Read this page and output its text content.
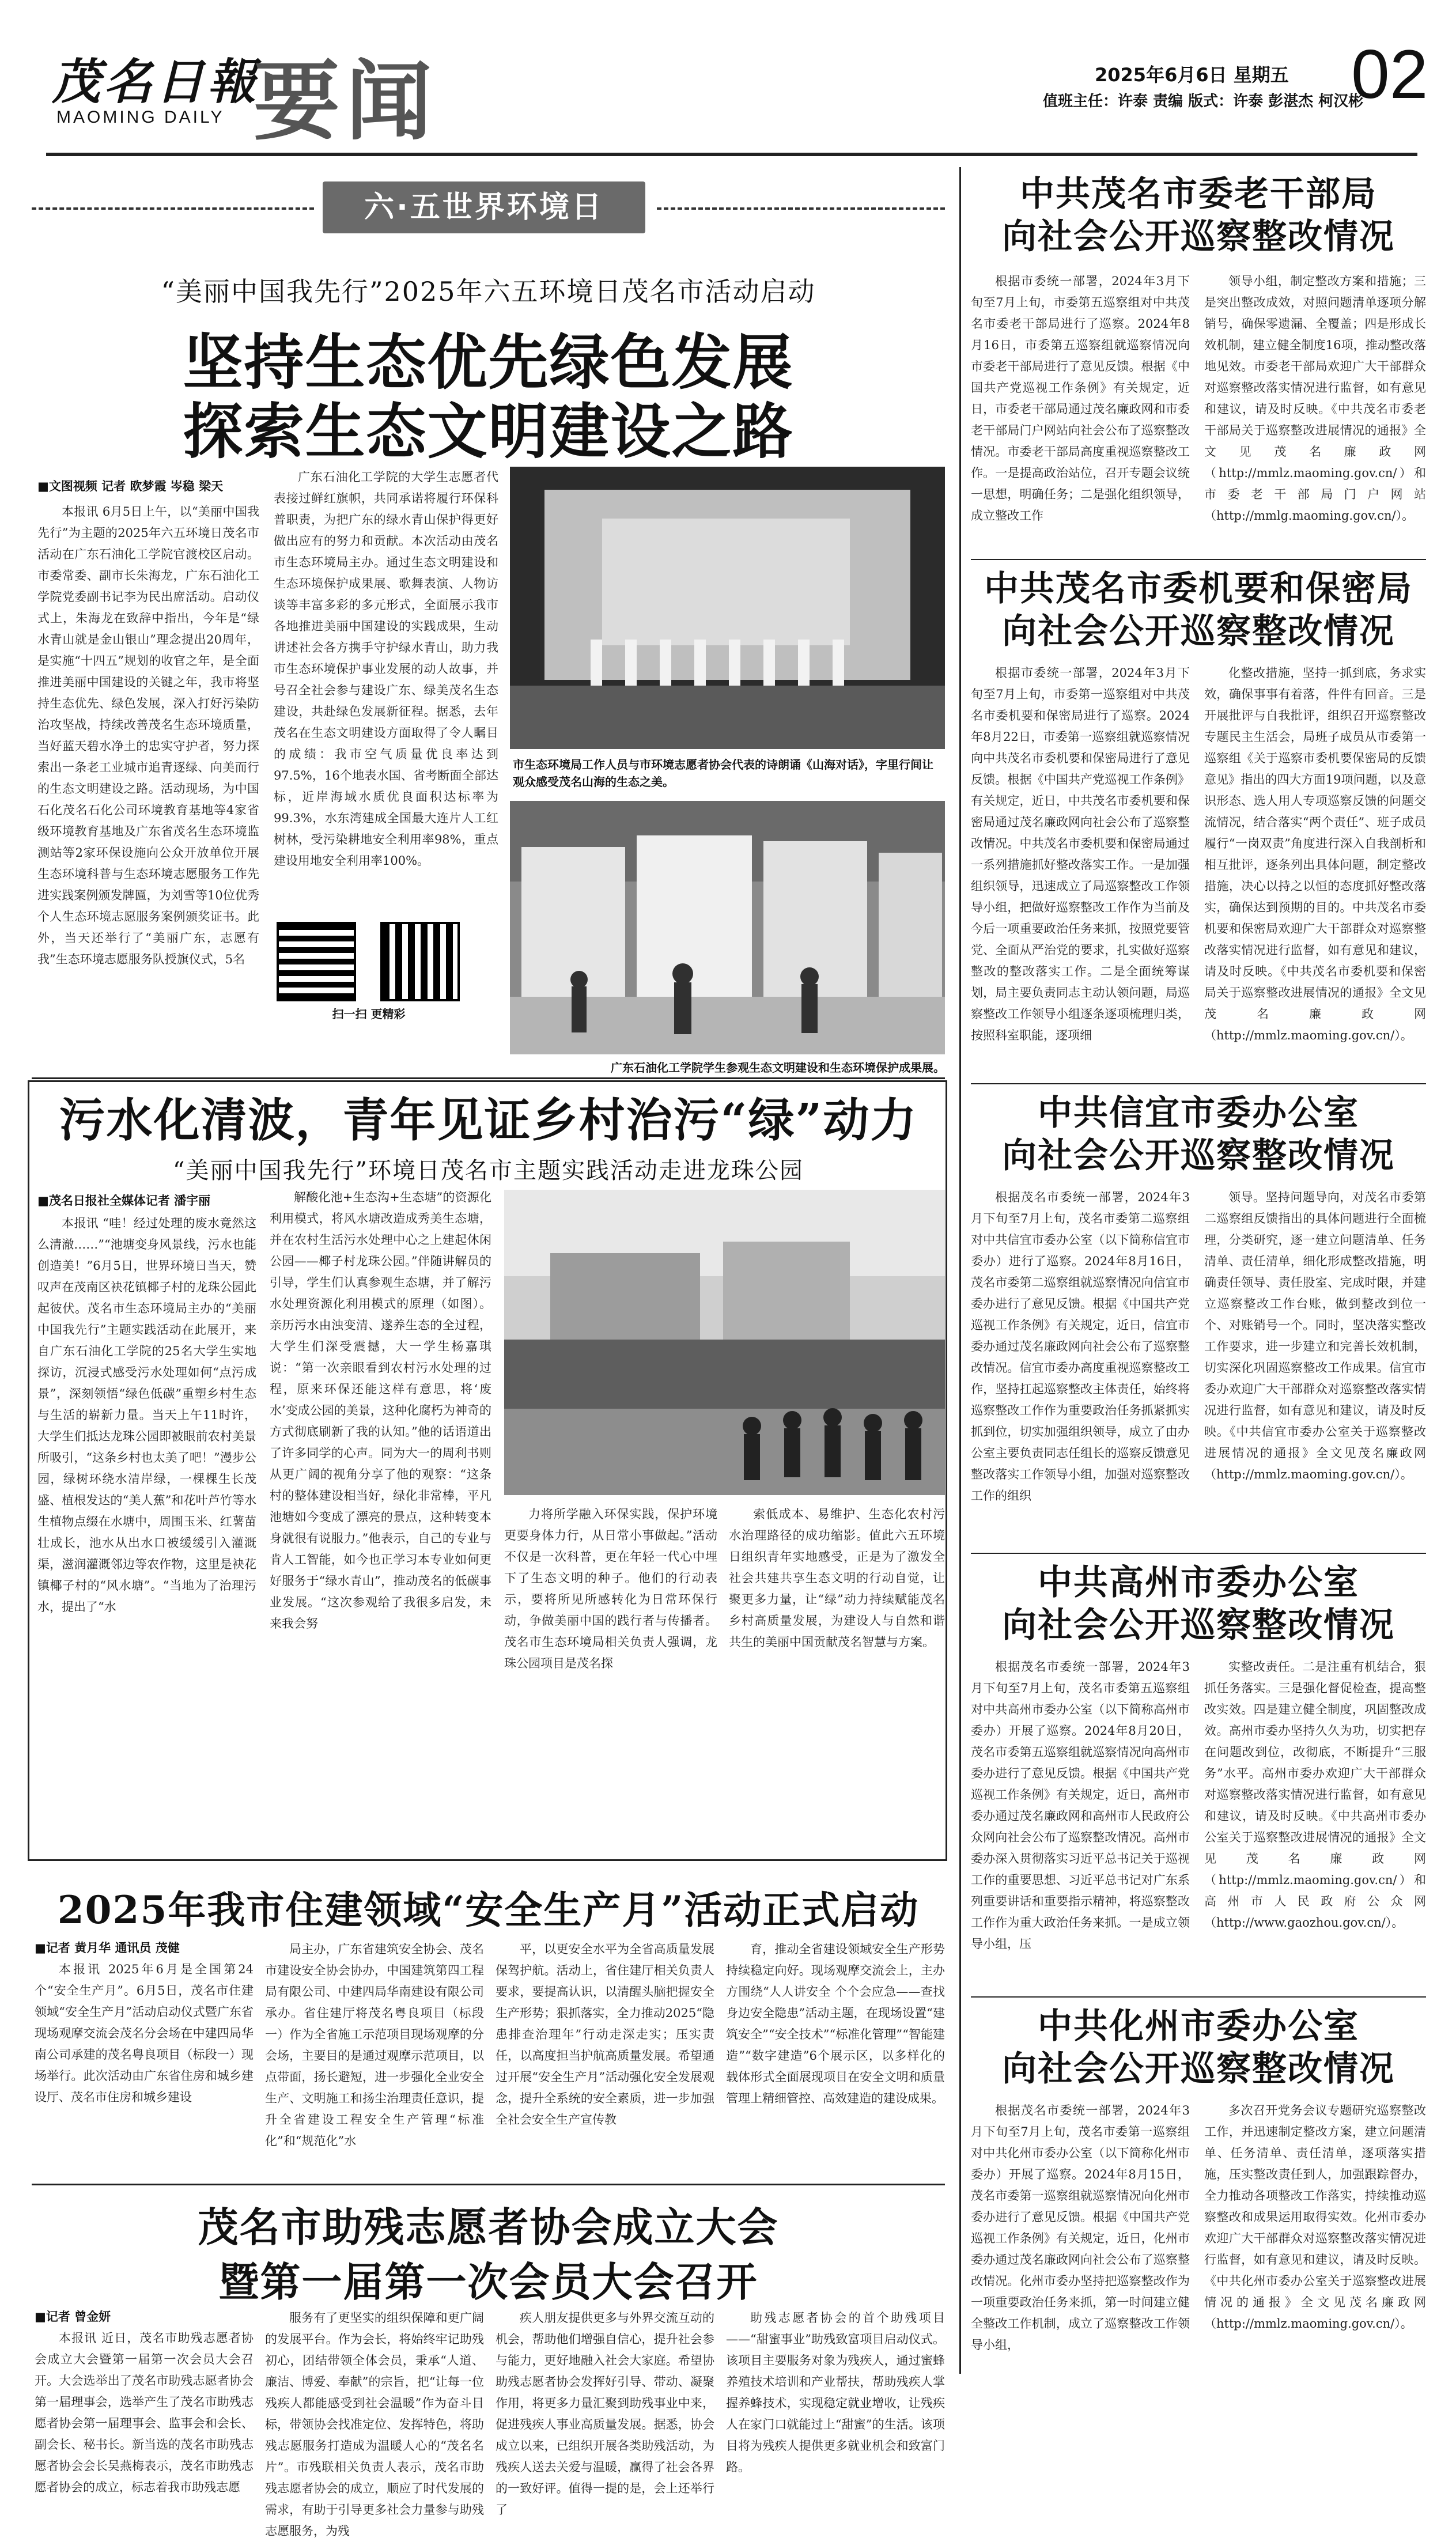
茂名日報
MAOMING DAILY 要闻	2025年6月6日 星期五
值班主任：许泰 责编 版式：许泰 彭湛杰 柯汉彬
02
六·五世界环境日
“美丽中国我先行”2025年六五环境日茂名市活动启动
坚持生态优先绿色发展
探索生态文明建设之路
■文图视频 记者 欧梦霞 岑稳 梁天

本报讯 6月5日上午，以“美丽中国我先行”为主题的2025年六五环境日茂名市活动在广东石油化工学院官渡校区启动。市委常委、副市长朱海龙，广东石油化工学院党委副书记李为民出席活动。启动仪式上，朱海龙在致辞中指出，今年是“绿水青山就是金山银山”理念提出20周年，是实施“十四五”规划的收官之年，是全面推进美丽中国建设的关键之年，我市将坚持生态优先、绿色发展，深入打好污染防治攻坚战，持续改善茂名生态环境质量，当好蓝天碧水净土的忠实守护者，努力探索出一条老工业城市追青逐绿、向美而行的生态文明建设之路。活动现场，为中国石化茂名石化公司环境教育基地等4家省级环境教育基地及广东省茂名生态环境监测站等2家环保设施向公众开放单位开展生态环境科普与生态环境志愿服务工作先进实践案例颁发牌匾，为刘雪等10位优秀个人生态环境志愿服务案例颁奖证书。此外，当天还举行了“美丽广东，志愿有我”生态环境志愿服务队授旗仪式，5名

广东石油化工学院的大学生志愿者代表接过鲜红旗帜，共同承诺将履行环保科普职责，为把广东的绿水青山保护得更好做出应有的努力和贡献。本次活动由茂名市生态环境局主办。通过生态文明建设和生态环境保护成果展、歌舞表演、人物访谈等丰富多彩的多元形式，全面展示我市各地推进美丽中国建设的实践成果，生动讲述社会各方携手守护绿水青山，助力我市生态环境保护事业发展的动人故事，并号召全社会参与建设广东、绿美茂名生态建设，共赴绿色发展新征程。据悉，去年茂名在生态文明建设方面取得了令人瞩目的成绩：我市空气质量优良率达到97.5%，16个地表水国、省考断面全部达标，近岸海域水质优良面积达标率为99.3%，水东湾建成全国最大连片人工红树林，受污染耕地安全利用率98%，重点建设用地安全利用率100%。

扫一扫 更精彩
市生态环境局工作人员与市环境志愿者协会代表的诗朗诵《山海对话》，字里行间让观众感受茂名山海的生态之美。
广东石油化工学院学生参观生态文明建设和生态环境保护成果展。
污水化清波，青年见证乡村治污“绿”动力
“美丽中国我先行”环境日茂名市主题实践活动走进龙珠公园
■茂名日报社全媒体记者 潘宇丽

本报讯 “哇！经过处理的废水竟然这么清澈……”“池塘变身风景线，污水也能创造美！”6月5日，世界环境日当天，赞叹声在茂南区袂花镇椰子村的龙珠公园此起彼伏。茂名市生态环境局主办的“美丽中国我先行”主题实践活动在此展开，来自广东石油化工学院的25名大学生实地探访，沉浸式感受污水处理如何“点污成景”，深刻领悟“绿色低碳”重塑乡村生态与生活的崭新力量。当天上午11时许，大学生们抵达龙珠公园即被眼前农村美景所吸引，“这条乡村也太美了吧！”漫步公园，绿树环绕水清岸绿，一棵棵生长茂盛、植根发达的“美人蕉”和花叶芦竹等水生植物点缀在水塘中，周围玉米、红薯苗壮成长，池水从出水口被缓缓引入灌溉渠，滋润灌溉邻边等农作物，这里是袂花镇椰子村的“风水塘”。“当地为了治理污水，提出了“水

解酸化池+生态沟+生态塘”的资源化利用模式，将风水塘改造成秀美生态塘，并在农村生活污水处理中心之上建起休闲公园——椰子村龙珠公园。”伴随讲解员的引导，学生们认真参观生态塘，并了解污水处理资源化利用模式的原理（如图）。亲历污水由浊变清、遂养生态的全过程，大学生们深受震撼，大一学生杨嘉琪说：“第一次亲眼看到农村污水处理的过程，原来环保还能这样有意思，将‘废水’变成公园的美景，这种化腐朽为神奇的方式彻底刷新了我的认知。”他的话语道出了许多同学的心声。同为大一的周利书则从更广阔的视角分享了他的观察：“这条村的整体建设相当好，绿化非常棒，平凡池塘如今变成了漂亮的景点，这种转变本身就很有说服力。”他表示，自己的专业与肯人工智能，如今也正学习本专业如何更好服务于“绿水青山”，推动茂名的低碳事业发展。“这次参观给了我很多启发，未来我会努

力将所学融入环保实践，保护环境更要身体力行，从日常小事做起。”活动不仅是一次科普，更在年轻一代心中埋下了生态文明的种子。他们的行动表示，要将所见所感转化为日常环保行动，争做美丽中国的践行者与传播者。茂名市生态环境局相关负责人强调，龙珠公园项目是茂名探

索低成本、易维护、生态化农村污水治理路径的成功缩影。值此六五环境日组织青年实地感受，正是为了激发全社会共建共享生态文明的行动自觉，让聚更多力量，让“绿”动力持续赋能茂名乡村高质量发展，为建设人与自然和谐共生的美丽中国贡献茂名智慧与方案。

2025年我市住建领域“安全生产月”活动正式启动
■记者 黄月华 通讯员 茂健

本报讯 2025年6月是全国第24个“安全生产月”。6月5日，茂名市住建领域“安全生产月”活动启动仪式暨广东省现场观摩交流会茂名分会场在中建四局华南公司承建的茂名粤良项目（标段一）现场举行。此次活动由广东省住房和城乡建设厅、茂名市住房和城乡建设

局主办，广东省建筑安全协会、茂名市建设安全协会协办，中国建筑第四工程局有限公司、中建四局华南建设有限公司承办。省住建厅将茂名粤良项目（标段一）作为全省施工示范项目现场观摩的分会场，主要目的是通过观摩示范项目，以点带面，扬长避短，进一步强化全业安全生产、文明施工和扬尘治理责任意识，提升全省建设工程安全生产管理“标准化”和“规范化”水

平，以更安全水平为全省高质量发展保驾护航。活动上，省住建厅相关负责人要求，要提高认识，以清醒头脑把握安全生产形势；狠抓落实，全力推动2025“隐患排查治理年”行动走深走实；压实责任，以高度担当护航高质量发展。希望通过开展“安全生产月”活动强化安全发展观念，提升全系统的安全素质，进一步加强全社会安全生产宣传教

育，推动全省建设领域安全生产形势持续稳定向好。现场观摩交流会上，主办方围绕“人人讲安全 个个会应急——查找身边安全隐患”活动主题，在现场设置“建筑安全”“安全技术”“标准化管理”“智能建造”“数字建造”6个展示区，以多样化的载体形式全面展现项目在安全文明和质量管理上精细管控、高效建造的建设成果。

茂名市助残志愿者协会成立大会
暨第一届第一次会员大会召开
■记者 曾金妍

本报讯 近日，茂名市助残志愿者协会成立大会暨第一届第一次会员大会召开。大会选举出了茂名市助残志愿者协会第一届理事会，选举产生了茂名市助残志愿者协会第一届理事会、监事会和会长、副会长、秘书长。新当选的茂名市助残志愿者协会会长吴燕梅表示，茂名市助残志愿者协会的成立，标志着我市助残志愿

服务有了更坚实的组织保障和更广阔的发展平台。作为会长，将始终牢记助残初心，团结带领全体会员，秉承“人道、廉洁、博爱、奉献”的宗旨，把“让每一位残疾人都能感受到社会温暖”作为奋斗目标，带领协会找准定位、发挥特色，将助残志愿服务打造成为温暖人心的“茂名名片”。市残联相关负责人表示，茂名市助残志愿者协会的成立，顺应了时代发展的需求，有助于引导更多社会力量参与助残志愿服务，为残

疾人朋友提供更多与外界交流互动的机会，帮助他们增强自信心，提升社会参与能力，更好地融入社会大家庭。希望协助残志愿者协会发挥好引导、带动、凝聚作用，将更多力量汇聚到助残事业中来，促进残疾人事业高质量发展。据悉，协会成立以来，已组织开展各类助残活动，为残疾人送去关爱与温暖，赢得了社会各界的一致好评。值得一提的是，会上还举行了

助残志愿者协会的首个助残项目——“甜蜜事业”助残致富项目启动仪式。该项目主要服务对象为残疾人，通过蜜蜂养殖技术培训和产业帮扶，帮助残疾人掌握养蜂技术，实现稳定就业增收，让残疾人在家门口就能过上“甜蜜”的生活。该项目将为残疾人提供更多就业机会和致富门路。

中共茂名市委老干部局
向社会公开巡察整改情况

根据市委统一部署，2024年3月下旬至7月上旬，市委第五巡察组对中共茂名市委老干部局进行了巡察。2024年8月16日，市委第五巡察组就巡察情况向市委老干部局进行了意见反馈。根据《中国共产党巡视工作条例》有关规定，近日，市委老干部局通过茂名廉政网和市委老干部局门户网站向社会公布了巡察整改情况。市委老干部局高度重视巡察整改工作。一是提高政治站位，召开专题会议统一思想，明确任务；二是强化组织领导，成立整改工作

领导小组，制定整改方案和措施；三是突出整改成效，对照问题清单逐项分解销号，确保零遗漏、全覆盖；四是形成长效机制，建立健全制度16项，推动整改落地见效。市委老干部局欢迎广大干部群众对巡察整改落实情况进行监督，如有意见和建议，请及时反映。《中共茂名市委老干部局关于巡察整改进展情况的通报》全文见茂名廉政网（http://mmlz.maoming.gov.cn/）和市委老干部局门户网站（http://mmlg.maoming.gov.cn/）。

中共茂名市委机要和保密局
向社会公开巡察整改情况

根据市委统一部署，2024年3月下旬至7月上旬，市委第一巡察组对中共茂名市委机要和保密局进行了巡察。2024年8月22日，市委第一巡察组就巡察情况向中共茂名市委机要和保密局进行了意见反馈。根据《中国共产党巡视工作条例》有关规定，近日，中共茂名市委机要和保密局通过茂名廉政网向社会公布了巡察整改情况。中共茂名市委机要和保密局通过一系列措施抓好整改落实工作。一是加强组织领导，迅速成立了局巡察整改工作领导小组，把做好巡察整改工作作为当前及今后一项重要政治任务来抓，按照党要管党、全面从严治党的要求，扎实做好巡察整改的整改落实工作。二是全面统筹谋划，局主要负责同志主动认领问题，局巡察整改工作领导小组逐条逐项梳理归类，按照科室职能，逐项细

化整改措施，坚持一抓到底，务求实效，确保事事有着落，件件有回音。三是开展批评与自我批评，组织召开巡察整改专题民主生活会，局班子成员从市委第一巡察组《关于巡察市委机要保密局的反馈意见》指出的四大方面19项问题，以及意识形态、选人用人专项巡察反馈的问题交流情况，结合落实“两个责任”、班子成员履行“一岗双责”角度进行深入自我剖析和相互批评，逐条列出具体问题，制定整改措施，决心以持之以恒的态度抓好整改落实，确保达到预期的目的。中共茂名市委机要和保密局欢迎广大干部群众对巡察整改落实情况进行监督，如有意见和建议，请及时反映。《中共茂名市委机要和保密局关于巡察整改进展情况的通报》全文见茂名廉政网（http://mmlz.maoming.gov.cn/）。

中共信宜市委办公室
向社会公开巡察整改情况

根据茂名市委统一部署，2024年3月下旬至7月上旬，茂名市委第二巡察组对中共信宜市委办公室（以下简称信宜市委办）进行了巡察。2024年8月16日，茂名市委第二巡察组就巡察情况向信宜市委办进行了意见反馈。根据《中国共产党巡视工作条例》有关规定，近日，信宜市委办通过茂名廉政网向社会公布了巡察整改情况。信宜市委办高度重视巡察整改工作，坚持扛起巡察整改主体责任，始终将巡察整改工作作为重要政治任务抓紧抓实抓到位，切实加强组织领导，成立了由办公室主要负责同志任组长的巡察反馈意见整改落实工作领导小组，加强对巡察整改工作的组织

领导。坚持问题导向，对茂名市委第二巡察组反馈指出的具体问题进行全面梳理，分类研究，逐一建立问题清单、任务清单、责任清单，细化形成整改措施，明确责任领导、责任股室、完成时限，并建立巡察整改工作台账，做到整改到位一个、对账销号一个。同时，坚决落实整改工作要求，进一步建立和完善长效机制，切实深化巩固巡察整改工作成果。信宜市委办欢迎广大干部群众对巡察整改落实情况进行监督，如有意见和建议，请及时反映。《中共信宜市委办公室关于巡察整改进展情况的通报》全文见茂名廉政网（http://mmlz.maoming.gov.cn/）。

中共高州市委办公室
向社会公开巡察整改情况

根据茂名市委统一部署，2024年3月下旬至7月上旬，茂名市委第五巡察组对中共高州市委办公室（以下简称高州市委办）开展了巡察。2024年8月20日，茂名市委第五巡察组就巡察情况向高州市委办进行了意见反馈。根据《中国共产党巡视工作条例》有关规定，近日，高州市委办通过茂名廉政网和高州市人民政府公众网向社会公布了巡察整改情况。高州市委办深入贯彻落实习近平总书记关于巡视工作的重要思想、习近平总书记对广东系列重要讲话和重要指示精神，将巡察整改工作作为重大政治任务来抓。一是成立领导小组，压

实整改责任。二是注重有机结合，狠抓任务落实。三是强化督促检查，提高整改实效。四是建立健全制度，巩固整改成效。高州市委办坚持久久为功，切实把存在问题改到位，改彻底，不断提升“三服务”水平。高州市委办欢迎广大干部群众对巡察整改落实情况进行监督，如有意见和建议，请及时反映。《中共高州市委办公室关于巡察整改进展情况的通报》全文见茂名廉政网（http://mmlz.maoming.gov.cn/）和高州市人民政府公众网（http://www.gaozhou.gov.cn/）。

中共化州市委办公室
向社会公开巡察整改情况

根据茂名市委统一部署，2024年3月下旬至7月上旬，茂名市委第一巡察组对中共化州市委办公室（以下简称化州市委办）开展了巡察。2024年8月15日，茂名市委第一巡察组就巡察情况向化州市委办进行了意见反馈。根据《中国共产党巡视工作条例》有关规定，近日，化州市委办通过茂名廉政网向社会公布了巡察整改情况。化州市委办坚持把巡察整改作为一项重要政治任务来抓，第一时间建立健全整改工作机制，成立了巡察整改工作领导小组，

多次召开党务会议专题研究巡察整改工作，并迅速制定整改方案，建立问题清单、任务清单、责任清单，逐项落实措施，压实整改责任到人，加强跟踪督办，全力推动各项整改工作落实，持续推动巡察整改和成果运用取得实效。化州市委办欢迎广大干部群众对巡察整改落实情况进行监督，如有意见和建议，请及时反映。《中共化州市委办公室关于巡察整改进展情况的通报》全文见茂名廉政网（http://mmlz.maoming.gov.cn/）。
